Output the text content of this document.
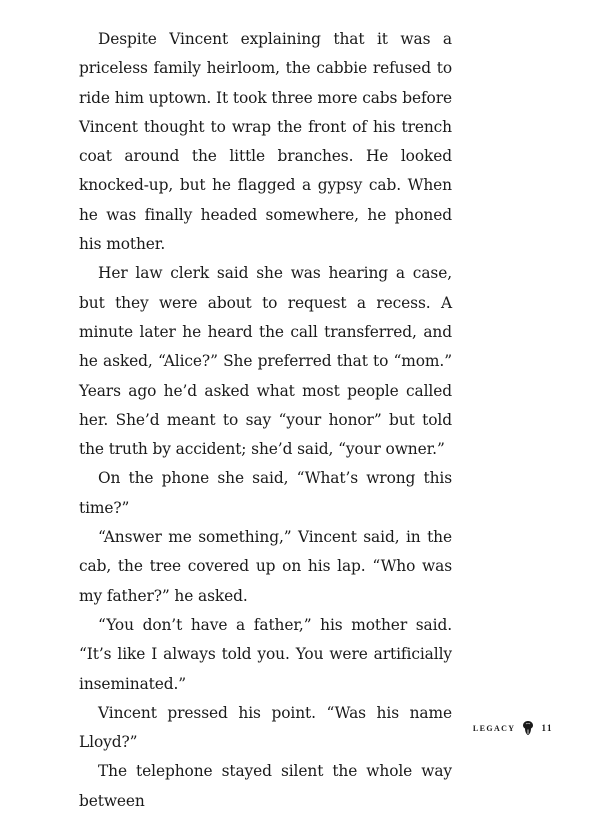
Despite Vincent explaining that it was a priceless family heirloom, the cabbie refused to ride him uptown. It took three more cabs before Vincent thought to wrap the front of his trench coat around the little branches. He looked knocked-up, but he flagged a gypsy cab. When he was finally headed somewhere, he phoned his mother.

Her law clerk said she was hearing a case, but they were about to request a recess. A minute later he heard the call transferred, and he asked, “Alice?” She preferred that to “mom.” Years ago he’d asked what most people called her. She’d meant to say “your honor” but told the truth by accident; she’d said, “your owner.”

On the phone she said, “What’s wrong this time?”

“Answer me something,” Vincent said, in the cab, the tree covered up on his lap. “Who was my father?” he asked.

“You don’t have a father,” his mother said. “It’s like I always told you. You were artificially inseminated.”

Vincent pressed his point. “Was his name Lloyd?”

The telephone stayed silent the whole way between

LEGACY	11
